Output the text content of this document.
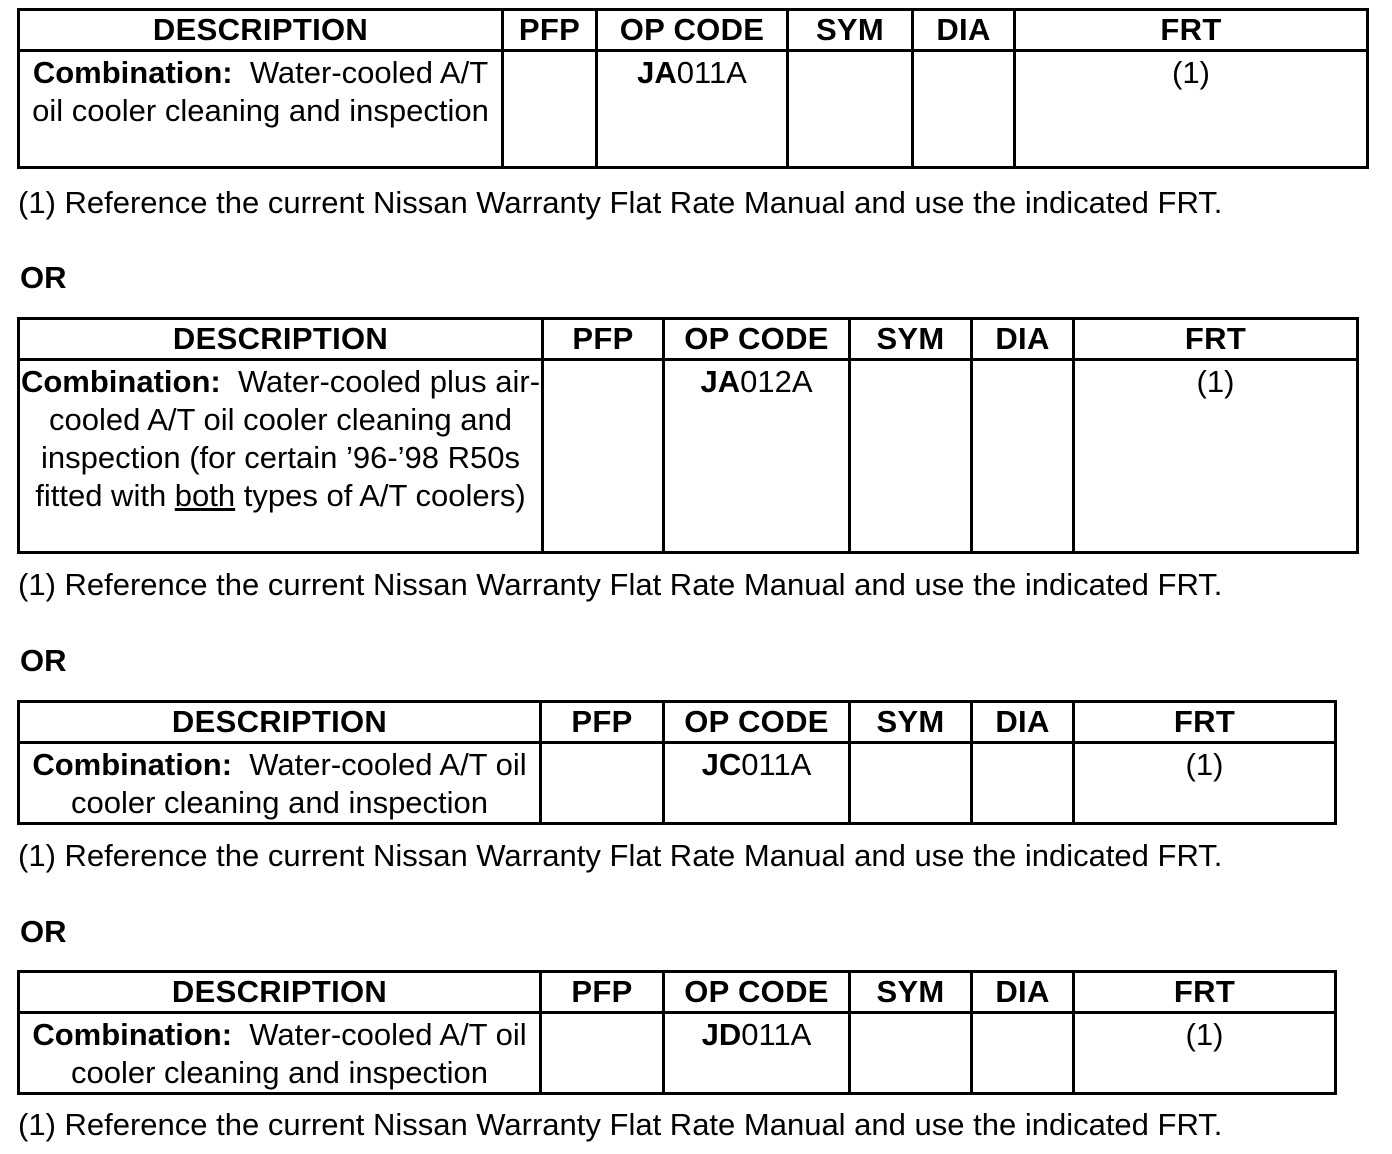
DESCRIPTION	PFP	OP CODE	SYM	DIA	FRT
Combination:  Water-cooled A/T oil cooler cleaning and inspection		JA011A			(1)
(1) Reference the current Nissan Warranty Flat Rate Manual and use the indicated FRT.
OR
DESCRIPTION	PFP	OP CODE	SYM	DIA	FRT
Combination:  Water-cooled plus air-cooled A/T oil cooler cleaning and inspection (for certain ’96-’98 R50s fitted with both types of A/T coolers)		JA012A			(1)
(1) Reference the current Nissan Warranty Flat Rate Manual and use the indicated FRT.
OR
DESCRIPTION	PFP	OP CODE	SYM	DIA	FRT
Combination:  Water-cooled A/T oil cooler cleaning and inspection		JC011A			(1)
(1) Reference the current Nissan Warranty Flat Rate Manual and use the indicated FRT.
OR
DESCRIPTION	PFP	OP CODE	SYM	DIA	FRT
Combination:  Water-cooled A/T oil cooler cleaning and inspection		JD011A			(1)
(1) Reference the current Nissan Warranty Flat Rate Manual and use the indicated FRT.
